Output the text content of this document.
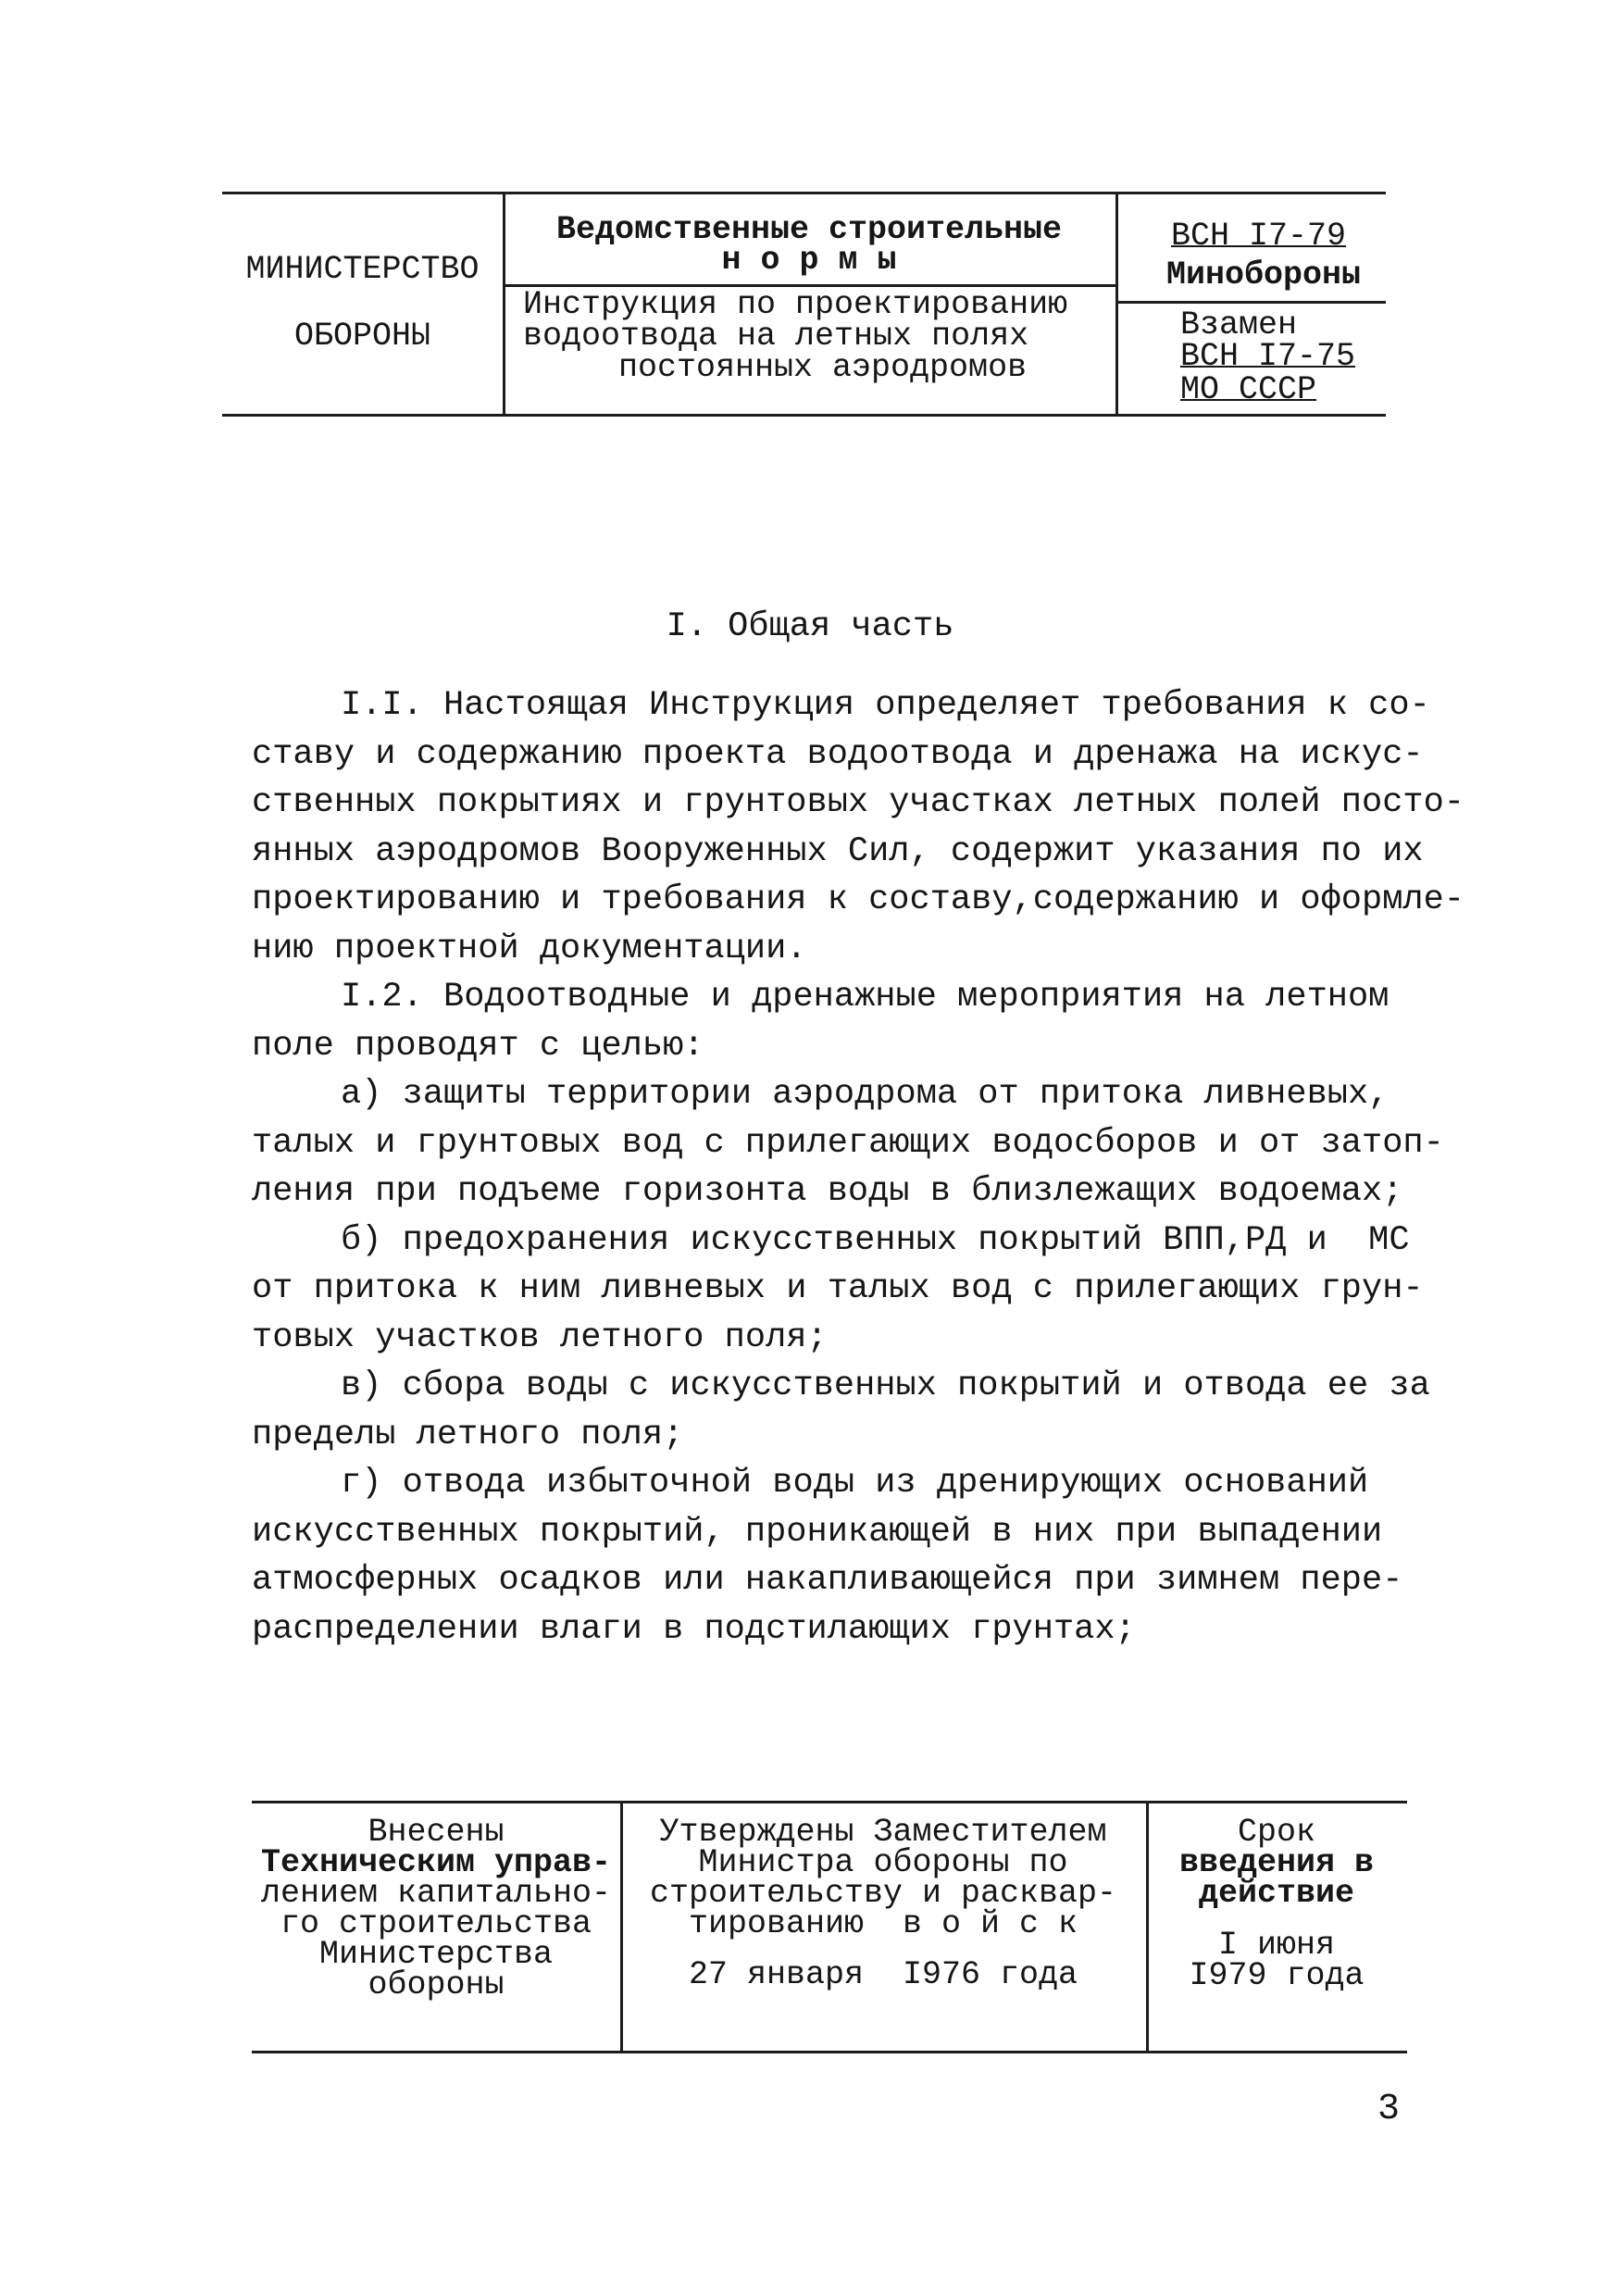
МИНИСТЕРСТВО

ОБОРОНЫ

Ведомственные строительные

н о р м ы

Инструкция по проектированию

водоотвода на летных полях

постоянных аэродромов

ВСН І7-79

Минобороны

Взамен

ВСН І7-75

МО СССР

І. Общая часть

І.І. Настоящая Инструкция определяет требования к со-

ставу и содержанию проекта водоотвода и дренажа на искус-

ственных покрытиях и грунтовых участках летных полей посто-

янных аэродромов Вооруженных Сил, содержит указания по их

проектированию и требования к составу,содержанию и оформле-

нию проектной документации.

І.2. Водоотводные и дренажные мероприятия на летном

поле проводят с целью:

а) защиты территории аэродрома от притока ливневых,

талых и грунтовых вод с прилегающих водосборов и от затоп-

ления при подъеме горизонта воды в близлежащих водоемах;

б) предохранения искусственных покрытий ВПП,РД и  МС

от притока к ним ливневых и талых вод с прилегающих грун-

товых участков летного поля;

в) сбора воды с искусственных покрытий и отвода ее за

пределы летного поля;

г) отвода избыточной воды из дренирующих оснований

искусственных покрытий, проникающей в них при выпадении

атмосферных осадков или накапливающейся при зимнем пере-

распределении влаги в подстилающих грунтах;

Внесены

Техническим управ-

лением капитально-

го строительства

Министерства

обороны

Утверждены Заместителем

Министра обороны по

строительству и расквар-

тированию  в о й с к

27 января  І976 года

Срок

введения в

действие

І июня

І979 года

3
